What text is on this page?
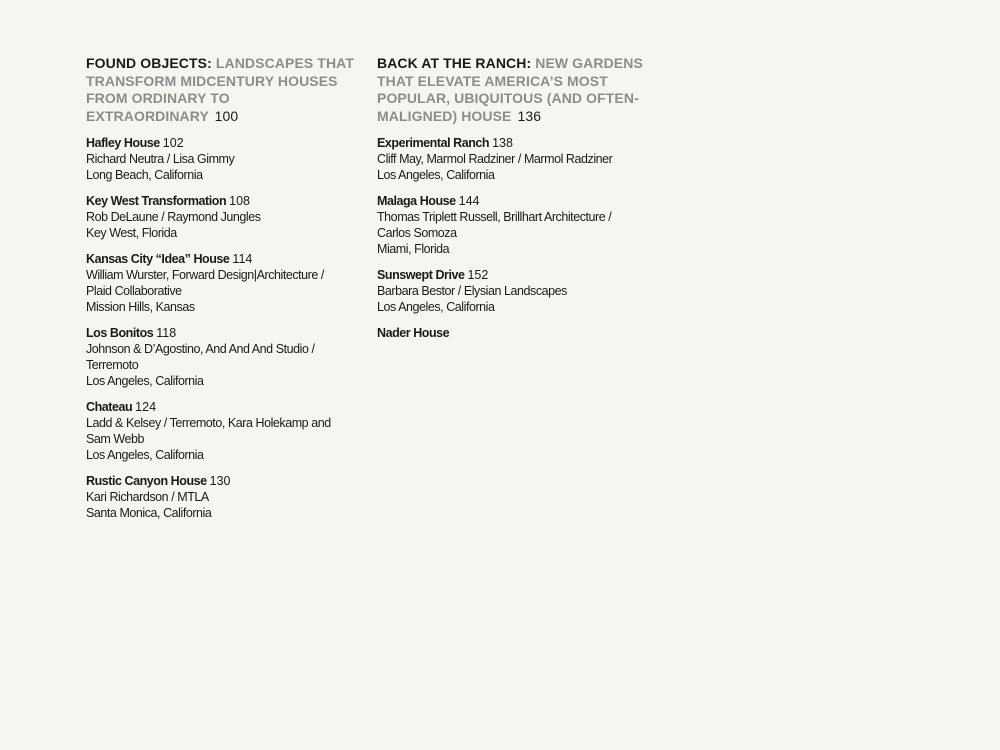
FOUND OBJECTS: LANDSCAPES THAT TRANSFORM MIDCENTURY HOUSES FROM ORDINARY TO EXTRAORDINARY 100
Hafley House 102
Richard Neutra / Lisa Gimmy
Long Beach, California
Key West Transformation 108
Rob DeLaune / Raymond Jungles
Key West, Florida
Kansas City “Idea” House 114
William Wurster, Forward Design|Architecture /
Plaid Collaborative
Mission Hills, Kansas
Los Bonitos 118
Johnson & D’Agostino, And And And Studio /
Terremoto
Los Angeles, California
Chateau 124
Ladd & Kelsey / Terremoto, Kara Holekamp and
Sam Webb
Los Angeles, California
Rustic Canyon House 130
Kari Richardson / MTLA
Santa Monica, California
BACK AT THE RANCH: NEW GARDENS THAT ELEVATE AMERICA’S MOST POPULAR, UBIQUITOUS (AND OFTEN-MALIGNED) HOUSE 136
Experimental Ranch 138
Cliff May, Marmol Radziner / Marmol Radziner
Los Angeles, California
Malaga House 144
Thomas Triplett Russell, Brillhart Architecture /
Carlos Somoza
Miami, Florida
Sunswept Drive 152
Barbara Bestor / Elysian Landscapes
Los Angeles, California
Nader House
